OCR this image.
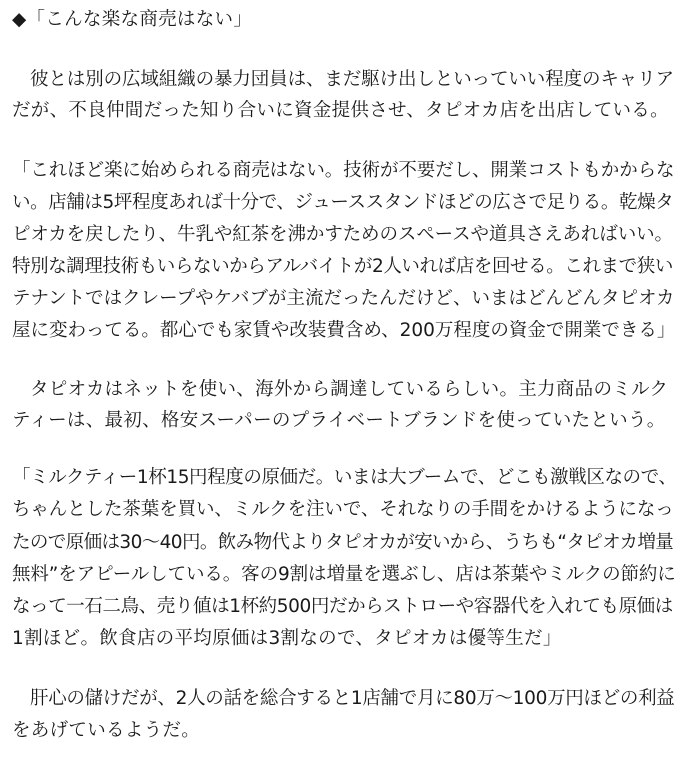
◆「こんな楽な商売はない」
彼とは別の広域組織の暴力団員は、まだ駆け出しといっていい程度のキャリア
だが、不良仲間だった知り合いに資金提供させ、タピオカ店を出店している。
「これほど楽に始められる商売はない。技術が不要だし、開業コストもかからな
い。店舗は5坪程度あれば十分で、ジューススタンドほどの広さで足りる。乾燥タ
ピオカを戻したり、牛乳や紅茶を沸かすためのスペースや道具さえあればいい。
特別な調理技術もいらないからアルバイトが2人いれば店を回せる。これまで狭い
テナントではクレープやケバブが主流だったんだけど、いまはどんどんタピオカ
屋に変わってる。都心でも家賃や改装費含め、200万程度の資金で開業できる」
タピオカはネットを使い、海外から調達しているらしい。主力商品のミルク
ティーは、最初、格安スーパーのプライベートブランドを使っていたという。
「ミルクティー1杯15円程度の原価だ。いまは大ブームで、どこも激戦区なので、
ちゃんとした茶葉を買い、ミルクを注いで、それなりの手間をかけるようになっ
たので原価は30〜40円。飲み物代よりタピオカが安いから、うちも“タピオカ増量
無料”をアピールしている。客の9割は増量を選ぶし、店は茶葉やミルクの節約に
なって一石二鳥、売り値は1杯約500円だからストローや容器代を入れても原価は
1割ほど。飲食店の平均原価は3割なので、タピオカは優等生だ」
肝心の儲けだが、2人の話を総合すると1店舗で月に80万〜100万円ほどの利益
をあげているようだ。
